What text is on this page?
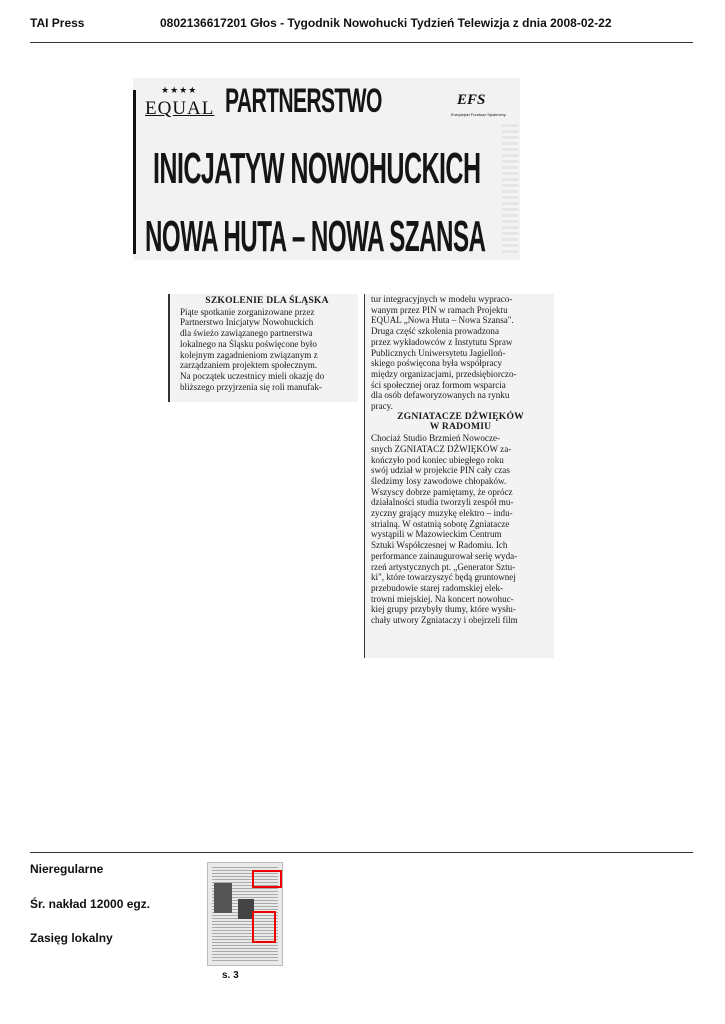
TAI Press	0802136617201 Głos - Tygodnik Nowohucki Tydzień Telewizja z dnia 2008-02-22
★★★★
EQUAL	EFS
Europejski Fundusz Społeczny
PARTNERSTWO
INICJATYW NOWOHUCKICH
NOWA HUTA – NOWA SZANSA
SZKOLENIE DLA ŚLĄSKA
Piąte spotkanie zorganizowane przez
Partnerstwo Inicjatyw Nowohuckich
dla świeżo zawiązanego partnerstwa
lokalnego na Śląsku poświęcone było
kolejnym zagadnieniom związanym z
zarządzaniem projektem społecznym.
Na początek uczestnicy mieli okazję do
bliższego przyjrzenia się roli manufak-
tur integracyjnych w modelu wypraco-
wanym przez PIN w ramach Projektu
EQUAL „Nowa Huta – Nowa Szansa".
Druga część szkolenia prowadzona
przez wykładowców z Instytutu Spraw
Publicznych Uniwersytetu Jagielloń-
skiego poświęcona była współpracy
między organizacjami, przedsiębiorczo-
ści społecznej oraz formom wsparcia
dla osób defaworyzowanych na rynku
pracy.
ZGNIATACZE DŹWIĘKÓW
W RADOMIU
Chociaż Studio Brzmień Nowocze-
snych ZGNIATACZ DŹWIĘKÓW za-
kończyło pod koniec ubiegłego roku
swój udział w projekcie PIN cały czas
śledzimy losy zawodowe chłopaków.
Wszyscy dobrze pamiętamy, że oprócz
działalności studia tworzyli zespół mu-
zyczny grający muzykę elektro – indu-
strialną. W ostatnią sobotę Zgniatacze
wystąpili w Mazowieckim Centrum
Sztuki Współczesnej w Radomiu. Ich
performance zainaugurował serię wyda-
rzeń artystycznych pt. „Generator Sztu-
ki", które towarzyszyć będą gruntownej
przebudowie starej radomskiej elek-
trowni miejskiej. Na koncert nowohuc-
kiej grupy przybyły tłumy, które wysłu-
chały utwory Zgniataczy i obejrzeli film
Nieregularne
Śr. nakład 12000 egz.
Zasięg lokalny
s. 3
